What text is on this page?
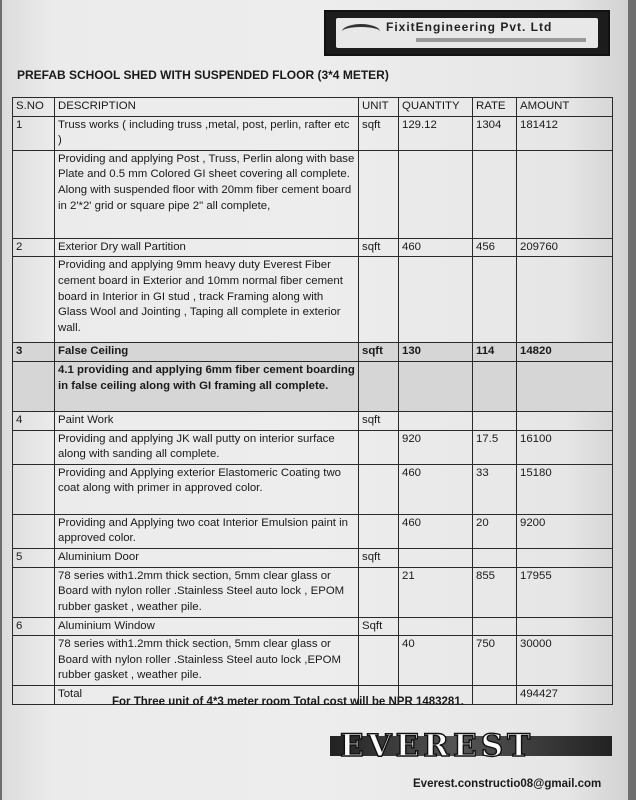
FixitEngineering Pvt. Ltd
PREFAB SCHOOL SHED WITH SUSPENDED FLOOR (3*4 METER)
S.NO	DESCRIPTION	UNIT	QUANTITY	RATE	AMOUNT
1	Truss works ( including truss ,metal, post, perlin, rafter etc )	sqft	129.12	1304	181412
	Providing and applying Post , Truss, Perlin along with base Plate and 0.5 mm Colored GI sheet covering all complete. Along with suspended floor with 20mm fiber cement board in 2'*2' grid or square pipe 2" all complete,				
2	Exterior Dry wall Partition	sqft	460	456	209760
	Providing and applying 9mm heavy duty Everest Fiber cement board in Exterior and 10mm normal fiber cement board in Interior in GI stud , track Framing along with Glass Wool and Jointing , Taping all complete in exterior wall.				
3	False Ceiling	sqft	130	114	14820
	4.1 providing and applying 6mm fiber cement boarding in false ceiling along with GI framing all complete.				
4	Paint Work	sqft			
	Providing and applying JK wall putty on interior surface along with sanding all complete.		920	17.5	16100
	Providing and Applying exterior Elastomeric Coating two coat along with primer in approved color.		460	33	15180
	Providing and Applying two coat Interior Emulsion paint in approved color.		460	20	9200
5	Aluminium Door	sqft			
	78 series with1.2mm thick section, 5mm clear glass or Board with nylon roller .Stainless Steel auto lock , EPOM rubber gasket , weather pile.		21	855	17955
6	Aluminium Window	Sqft			
	78 series with1.2mm thick section, 5mm clear glass or Board with nylon roller .Stainless Steel auto lock ,EPOM rubber gasket , weather pile.		40	750	30000
	Total				494427
For Three unit of 4*3 meter room Total cost will be NPR 1483281.
EVEREST
Everest.constructio08@gmail.com
